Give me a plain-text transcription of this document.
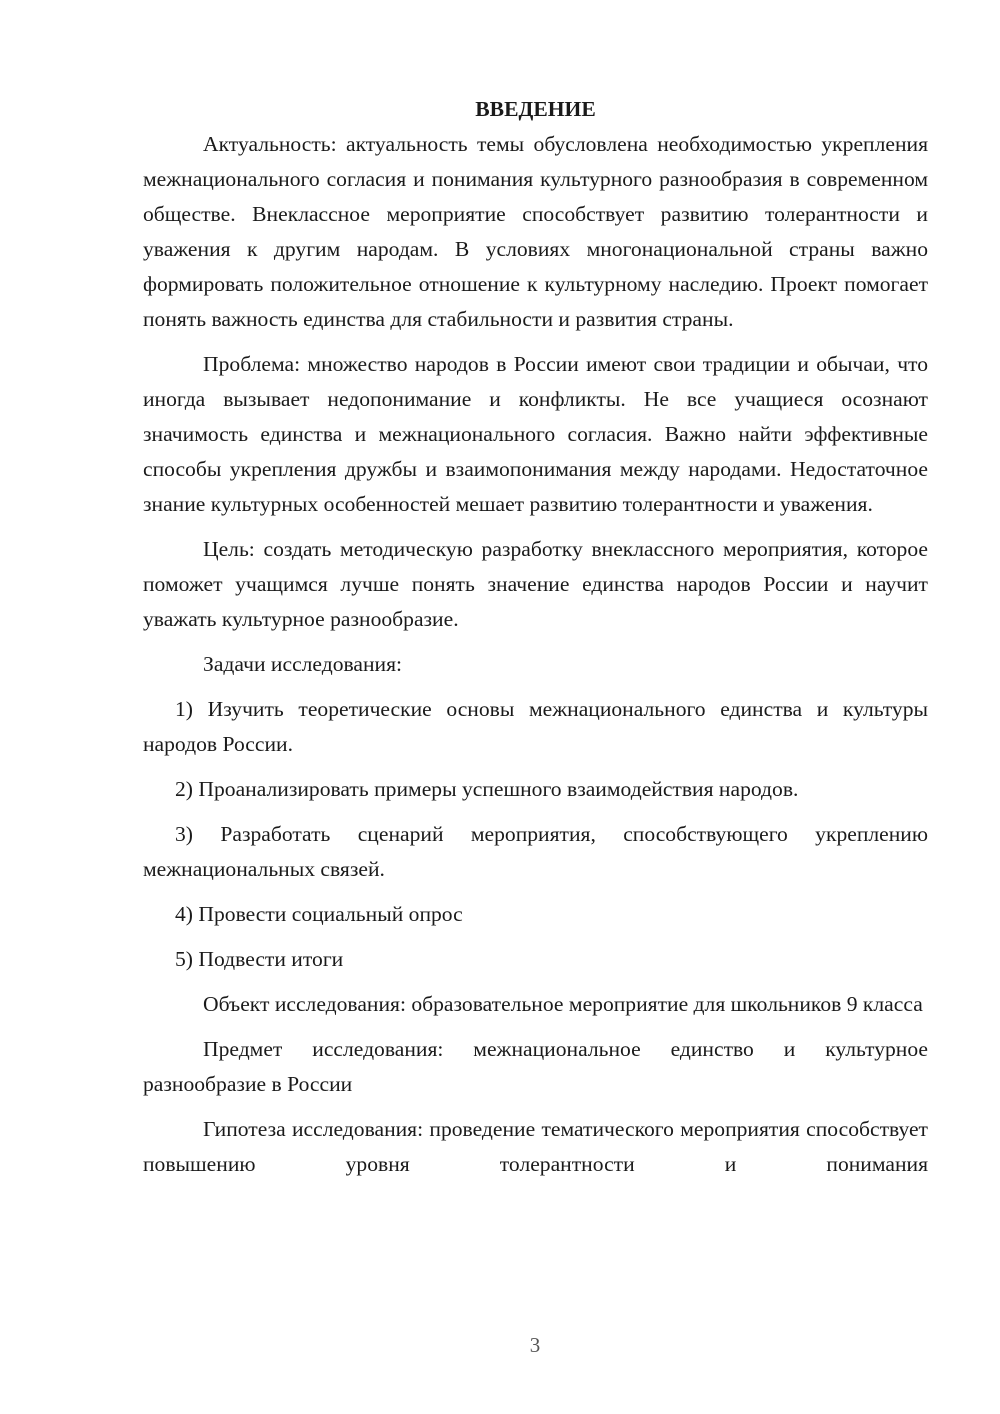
ВВЕДЕНИЕ

Актуальность: актуальность темы обусловлена необходимостью укрепления межнационального согласия и понимания культурного разнообразия в современном обществе. Внеклассное мероприятие способствует развитию толерантности и уважения к другим народам. В условиях многонациональной страны важно формировать положительное отношение к культурному наследию. Проект помогает понять важность единства для стабильности и развития страны.

Проблема: множество народов в России имеют свои традиции и обычаи, что иногда вызывает недопонимание и конфликты. Не все учащиеся осознают значимость единства и межнационального согласия. Важно найти эффективные способы укрепления дружбы и взаимопонимания между народами. Недостаточное знание культурных особенностей мешает развитию толерантности и уважения.

Цель: создать методическую разработку внеклассного мероприятия, которое поможет учащимся лучше понять значение единства народов России и научит уважать культурное разнообразие.

Задачи исследования:

1) Изучить теоретические основы межнационального единства и культуры народов России.

2) Проанализировать примеры успешного взаимодействия народов.

3) Разработать сценарий мероприятия, способствующего укреплению межнациональных связей.

4) Провести социальный опрос

5) Подвести итоги

Объект исследования: образовательное мероприятие для школьников 9 класса

Предмет исследования: межнациональное единство и культурное разнообразие в России

Гипотеза исследования: проведение тематического мероприятия способствует повышению уровня толерантности и понимания

3
